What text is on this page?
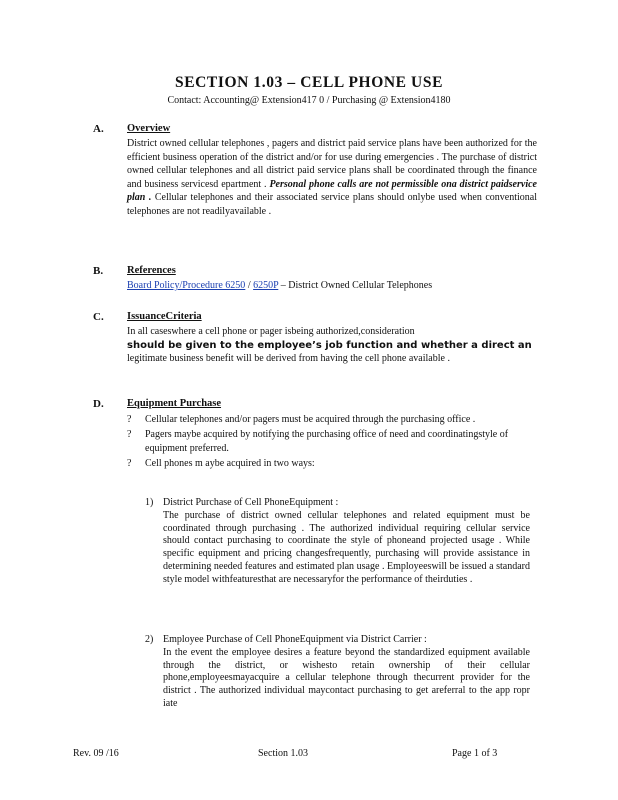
SECTION 1.03 – CELL PHONE USE
Contact: Accounting@ Extension417 0 / Purchasing @ Extension4180
A. Overview

District owned cellular telephones , pagers and district paid service plans have been authorized for the efficient business operation of the district and/or for use during emergencies . The purchase of district owned cellular telephones and all district paid service plans shall be coordinated through the finance and business servicesd epartment . Personal phone calls are not permissible ona district paidservice plan . Cellular telephones and their associated service plans should onlybe used when conventional telephones are not readilyavailable .

B. References

Board Policy/Procedure 6250 / 6250P – District Owned Cellular Telephones

C. IssuanceCriteria

In all caseswhere a cell phone or pager isbeing authorized,consideration

should be given to the employee’s job function and whether a direct an

legitimate business benefit will be derived from having the cell phone available .

D. Equipment Purchase
?	Cellular telephones and/or pagers must be acquired through the purchasing office .
?	Pagers maybe acquired by notifying the purchasing office of need and coordinatingstyle of equipment preferred.
?	Cell phones m aybe acquired in two ways:
1) District Purchase of Cell PhoneEquipment :
The purchase of district owned cellular telephones and related equipment must be coordinated through purchasing . The authorized individual requiring cellular service should contact purchasing to coordinate the style of phoneand projected usage . While specific equipment and pricing changesfrequently, purchasing will provide assistance in determining needed features and estimated plan usage . Employeeswill be issued a standard style model withfeaturesthat are necessaryfor the performance of theirduties .
2) Employee Purchase of Cell PhoneEquipment via District Carrier :
In the event the employee desires a feature beyond the standardized equipment available through the district, or wishesto retain ownership of their cellular phone,employeesmayacquire a cellular telephone through thecurrent provider for the district . The authorized individual maycontact purchasing to get areferral to the app ropr iate
Rev. 09 /16	Section 1.03	Page 1 of 3
